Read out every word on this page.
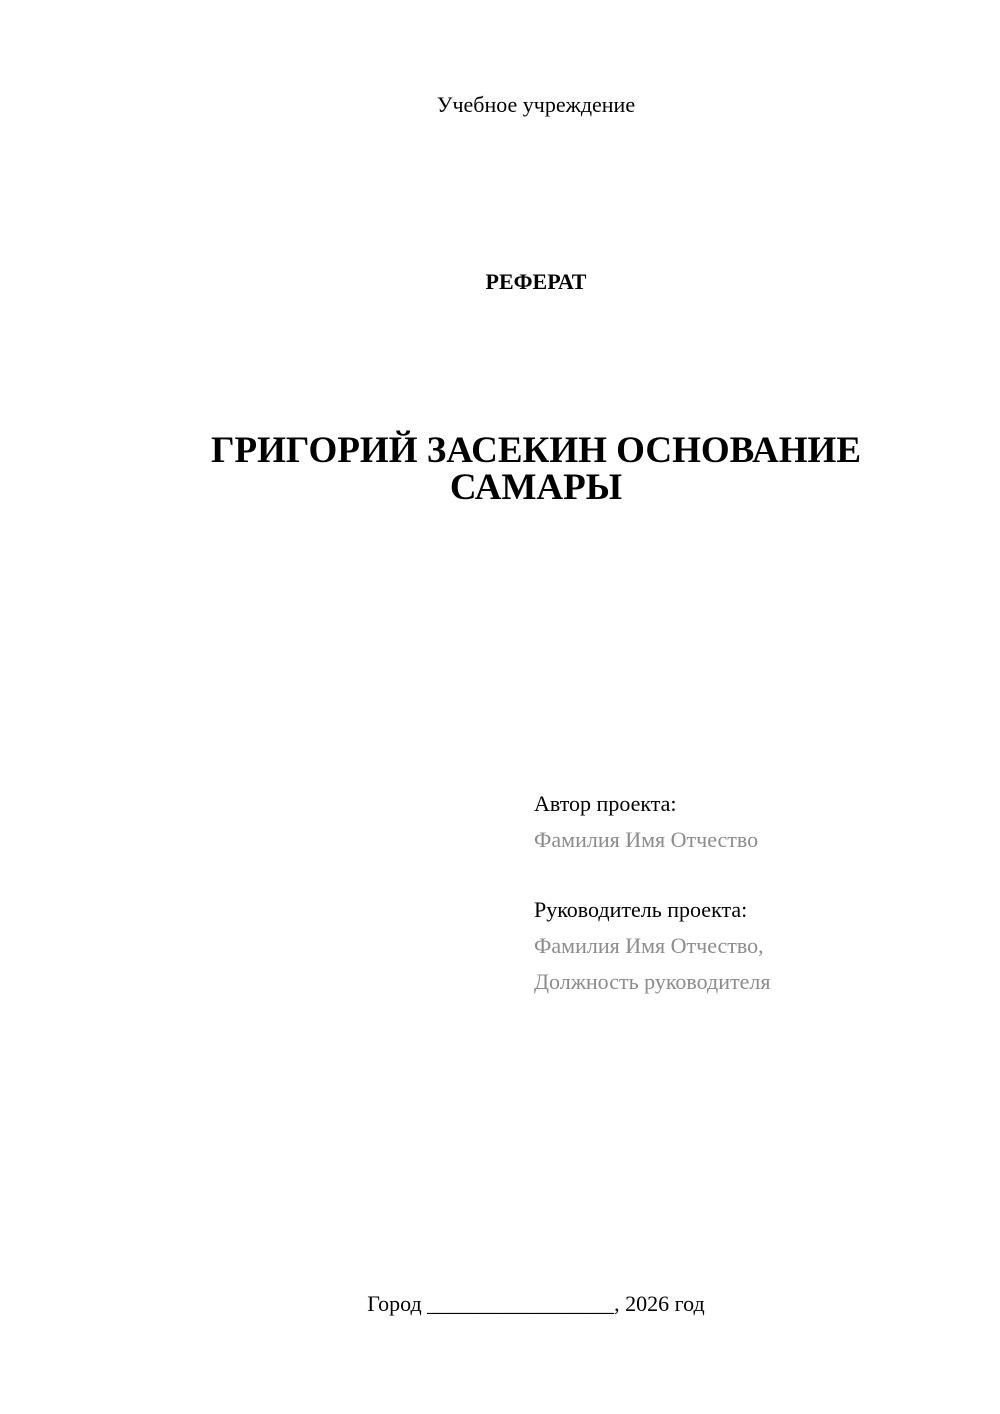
Учебное учреждение
РЕФЕРАТ
ГРИГОРИЙ ЗАСЕКИН ОСНОВАНИЕ
САМАРЫ
Автор проекта:
Фамилия Имя Отчество
Руководитель проекта:
Фамилия Имя Отчество,
Должность руководителя
Город _________________, 2026 год
